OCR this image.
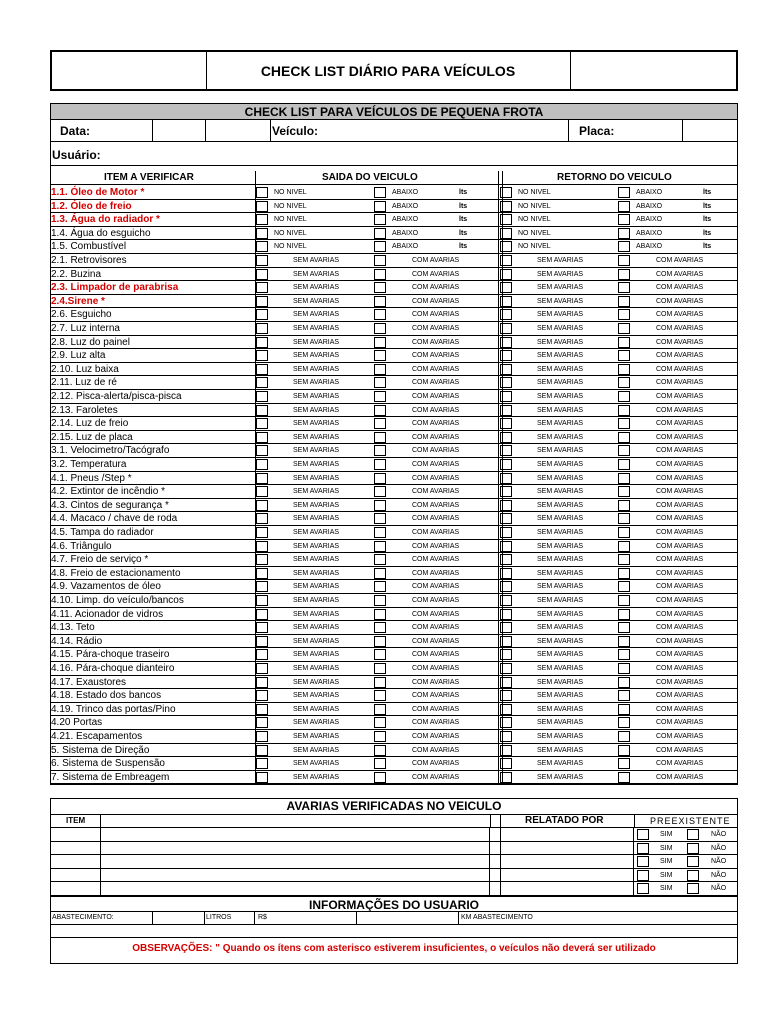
CHECK LIST DIÁRIO PARA VEÍCULOS
CHECK LIST PARA VEÍCULOS DE PEQUENA FROTA
Data:	Veículo:	Placa:
Usuário:
ITEM A VERIFICAR	SAIDA DO VEICULO	RETORNO DO VEICULO
1.1. Óleo de Motor *	NO NIVEL	ABAIXO	lts	NO NIVEL	ABAIXO	lts
1.2. Óleo de freio	NO NIVEL	ABAIXO	lts	NO NIVEL	ABAIXO	lts
1.3. Água do radiador *	NO NIVEL	ABAIXO	lts	NO NIVEL	ABAIXO	lts
1.4. Água do esguicho	NO NIVEL	ABAIXO	lts	NO NIVEL	ABAIXO	lts
1.5. Combustível	NO NIVEL	ABAIXO	lts	NO NIVEL	ABAIXO	lts
2.1. Retrovisores	SEM AVARIAS	COM AVARIAS	SEM AVARIAS	COM AVARIAS
2.2. Buzina	SEM AVARIAS	COM AVARIAS	SEM AVARIAS	COM AVARIAS
2.3. Limpador de parabrisa	SEM AVARIAS	COM AVARIAS	SEM AVARIAS	COM AVARIAS
2.4.Sirene *	SEM AVARIAS	COM AVARIAS	SEM AVARIAS	COM AVARIAS
2.6. Esguicho	SEM AVARIAS	COM AVARIAS	SEM AVARIAS	COM AVARIAS
2.7. Luz interna	SEM AVARIAS	COM AVARIAS	SEM AVARIAS	COM AVARIAS
2.8. Luz do painel	SEM AVARIAS	COM AVARIAS	SEM AVARIAS	COM AVARIAS
2.9. Luz alta	SEM AVARIAS	COM AVARIAS	SEM AVARIAS	COM AVARIAS
2.10. Luz baixa	SEM AVARIAS	COM AVARIAS	SEM AVARIAS	COM AVARIAS
2.11. Luz de ré	SEM AVARIAS	COM AVARIAS	SEM AVARIAS	COM AVARIAS
2.12. Pisca-alerta/pisca-pisca	SEM AVARIAS	COM AVARIAS	SEM AVARIAS	COM AVARIAS
2.13. Faroletes	SEM AVARIAS	COM AVARIAS	SEM AVARIAS	COM AVARIAS
2.14. Luz de freio	SEM AVARIAS	COM AVARIAS	SEM AVARIAS	COM AVARIAS
2.15. Luz de placa	SEM AVARIAS	COM AVARIAS	SEM AVARIAS	COM AVARIAS
3.1. Velocimetro/Tacógrafo	SEM AVARIAS	COM AVARIAS	SEM AVARIAS	COM AVARIAS
3.2. Temperatura	SEM AVARIAS	COM AVARIAS	SEM AVARIAS	COM AVARIAS
4.1. Pneus /Step *	SEM AVARIAS	COM AVARIAS	SEM AVARIAS	COM AVARIAS
4.2. Extintor de incêndio *	SEM AVARIAS	COM AVARIAS	SEM AVARIAS	COM AVARIAS
4.3. Cintos de segurança *	SEM AVARIAS	COM AVARIAS	SEM AVARIAS	COM AVARIAS
4.4. Macaco / chave de roda	SEM AVARIAS	COM AVARIAS	SEM AVARIAS	COM AVARIAS
4.5. Tampa do radiador	SEM AVARIAS	COM AVARIAS	SEM AVARIAS	COM AVARIAS
4.6. Triângulo	SEM AVARIAS	COM AVARIAS	SEM AVARIAS	COM AVARIAS
4.7. Freio de serviço *	SEM AVARIAS	COM AVARIAS	SEM AVARIAS	COM AVARIAS
4.8. Freio de estacionamento	SEM AVARIAS	COM AVARIAS	SEM AVARIAS	COM AVARIAS
4.9. Vazamentos de óleo	SEM AVARIAS	COM AVARIAS	SEM AVARIAS	COM AVARIAS
4.10. Limp. do veículo/bancos	SEM AVARIAS	COM AVARIAS	SEM AVARIAS	COM AVARIAS
4.11. Acionador de vidros	SEM AVARIAS	COM AVARIAS	SEM AVARIAS	COM AVARIAS
4.13. Teto	SEM AVARIAS	COM AVARIAS	SEM AVARIAS	COM AVARIAS
4.14. Rádio	SEM AVARIAS	COM AVARIAS	SEM AVARIAS	COM AVARIAS
4.15. Pára-choque traseiro	SEM AVARIAS	COM AVARIAS	SEM AVARIAS	COM AVARIAS
4.16. Pára-choque dianteiro	SEM AVARIAS	COM AVARIAS	SEM AVARIAS	COM AVARIAS
4.17. Exaustores	SEM AVARIAS	COM AVARIAS	SEM AVARIAS	COM AVARIAS
4.18. Estado dos bancos	SEM AVARIAS	COM AVARIAS	SEM AVARIAS	COM AVARIAS
4.19. Trinco das portas/Pino	SEM AVARIAS	COM AVARIAS	SEM AVARIAS	COM AVARIAS
4.20 Portas	SEM AVARIAS	COM AVARIAS	SEM AVARIAS	COM AVARIAS
4.21. Escapamentos	SEM AVARIAS	COM AVARIAS	SEM AVARIAS	COM AVARIAS
5. Sistema de Direção	SEM AVARIAS	COM AVARIAS	SEM AVARIAS	COM AVARIAS
6. Sistema de Suspensão	SEM AVARIAS	COM AVARIAS	SEM AVARIAS	COM AVARIAS
7. Sistema de Embreagem	SEM AVARIAS	COM AVARIAS	SEM AVARIAS	COM AVARIAS
AVARIAS VERIFICADAS NO VEICULO
ITEM	RELATADO POR	PREEXISTENTE
SIM	NÃO
SIM	NÃO
SIM	NÃO
SIM	NÃO
SIM	NÃO
INFORMAÇÕES DO USUARIO
ABASTECIMENTO:	LITROS	R$	KM ABASTECIMENTO
OBSERVAÇÕES: " Quando os ítens com asterisco estiverem insuficientes, o veículos não deverá ser utilizado
